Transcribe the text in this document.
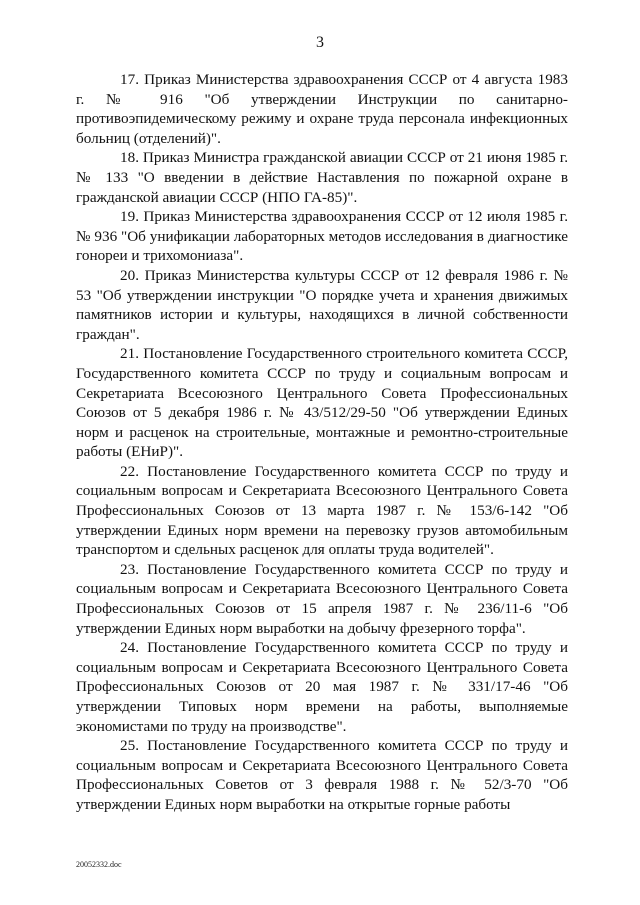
3

17. Приказ Министерства здравоохранения СССР от 4 августа 1983 г. № 916 "Об утверждении Инструкции по санитарно-противоэпидемическому режиму и охране труда персонала инфекционных больниц (отделений)".

18. Приказ Министра гражданской авиации СССР от 21 июня 1985 г. № 133 "О введении в действие Наставления по пожарной охране в гражданской авиации СССР (НПО ГА-85)".

19. Приказ Министерства здравоохранения СССР от 12 июля 1985 г. № 936 "Об унификации лабораторных методов исследования в диагностике гонореи и трихомониаза".

20. Приказ Министерства культуры СССР от 12 февраля 1986 г. № 53 "Об утверждении инструкции "О порядке учета и хранения движимых памятников истории и культуры, находящихся в личной собственности граждан".

21. Постановление Государственного строительного комитета СССР, Государственного комитета СССР по труду и социальным вопросам и Секретариата Всесоюзного Центрального Совета Профессиональных Союзов от 5 декабря 1986 г. № 43/512/29-50 "Об утверждении Единых норм и расценок на строительные, монтажные и ремонтно-строительные работы (ЕНиР)".

22. Постановление Государственного комитета СССР по труду и социальным вопросам и Секретариата Всесоюзного Центрального Совета Профессиональных Союзов от 13 марта 1987 г. № 153/6-142 "Об утверждении Единых норм времени на перевозку грузов автомобильным транспортом и сдельных расценок для оплаты труда водителей".

23. Постановление Государственного комитета СССР по труду и социальным вопросам и Секретариата Всесоюзного Центрального Совета Профессиональных Союзов от 15 апреля 1987 г. № 236/11-6 "Об утверждении Единых норм выработки на добычу фрезерного торфа".

24. Постановление Государственного комитета СССР по труду и социальным вопросам и Секретариата Всесоюзного Центрального Совета Профессиональных Союзов от 20 мая 1987 г. № 331/17-46 "Об утверждении Типовых норм времени на работы, выполняемые экономистами по труду на производстве".

25. Постановление Государственного комитета СССР по труду и социальным вопросам и Секретариата Всесоюзного Центрального Совета Профессиональных Советов от 3 февраля 1988 г. № 52/3-70 "Об утверждении Единых норм выработки на открытые горные работы

20052332.doc
